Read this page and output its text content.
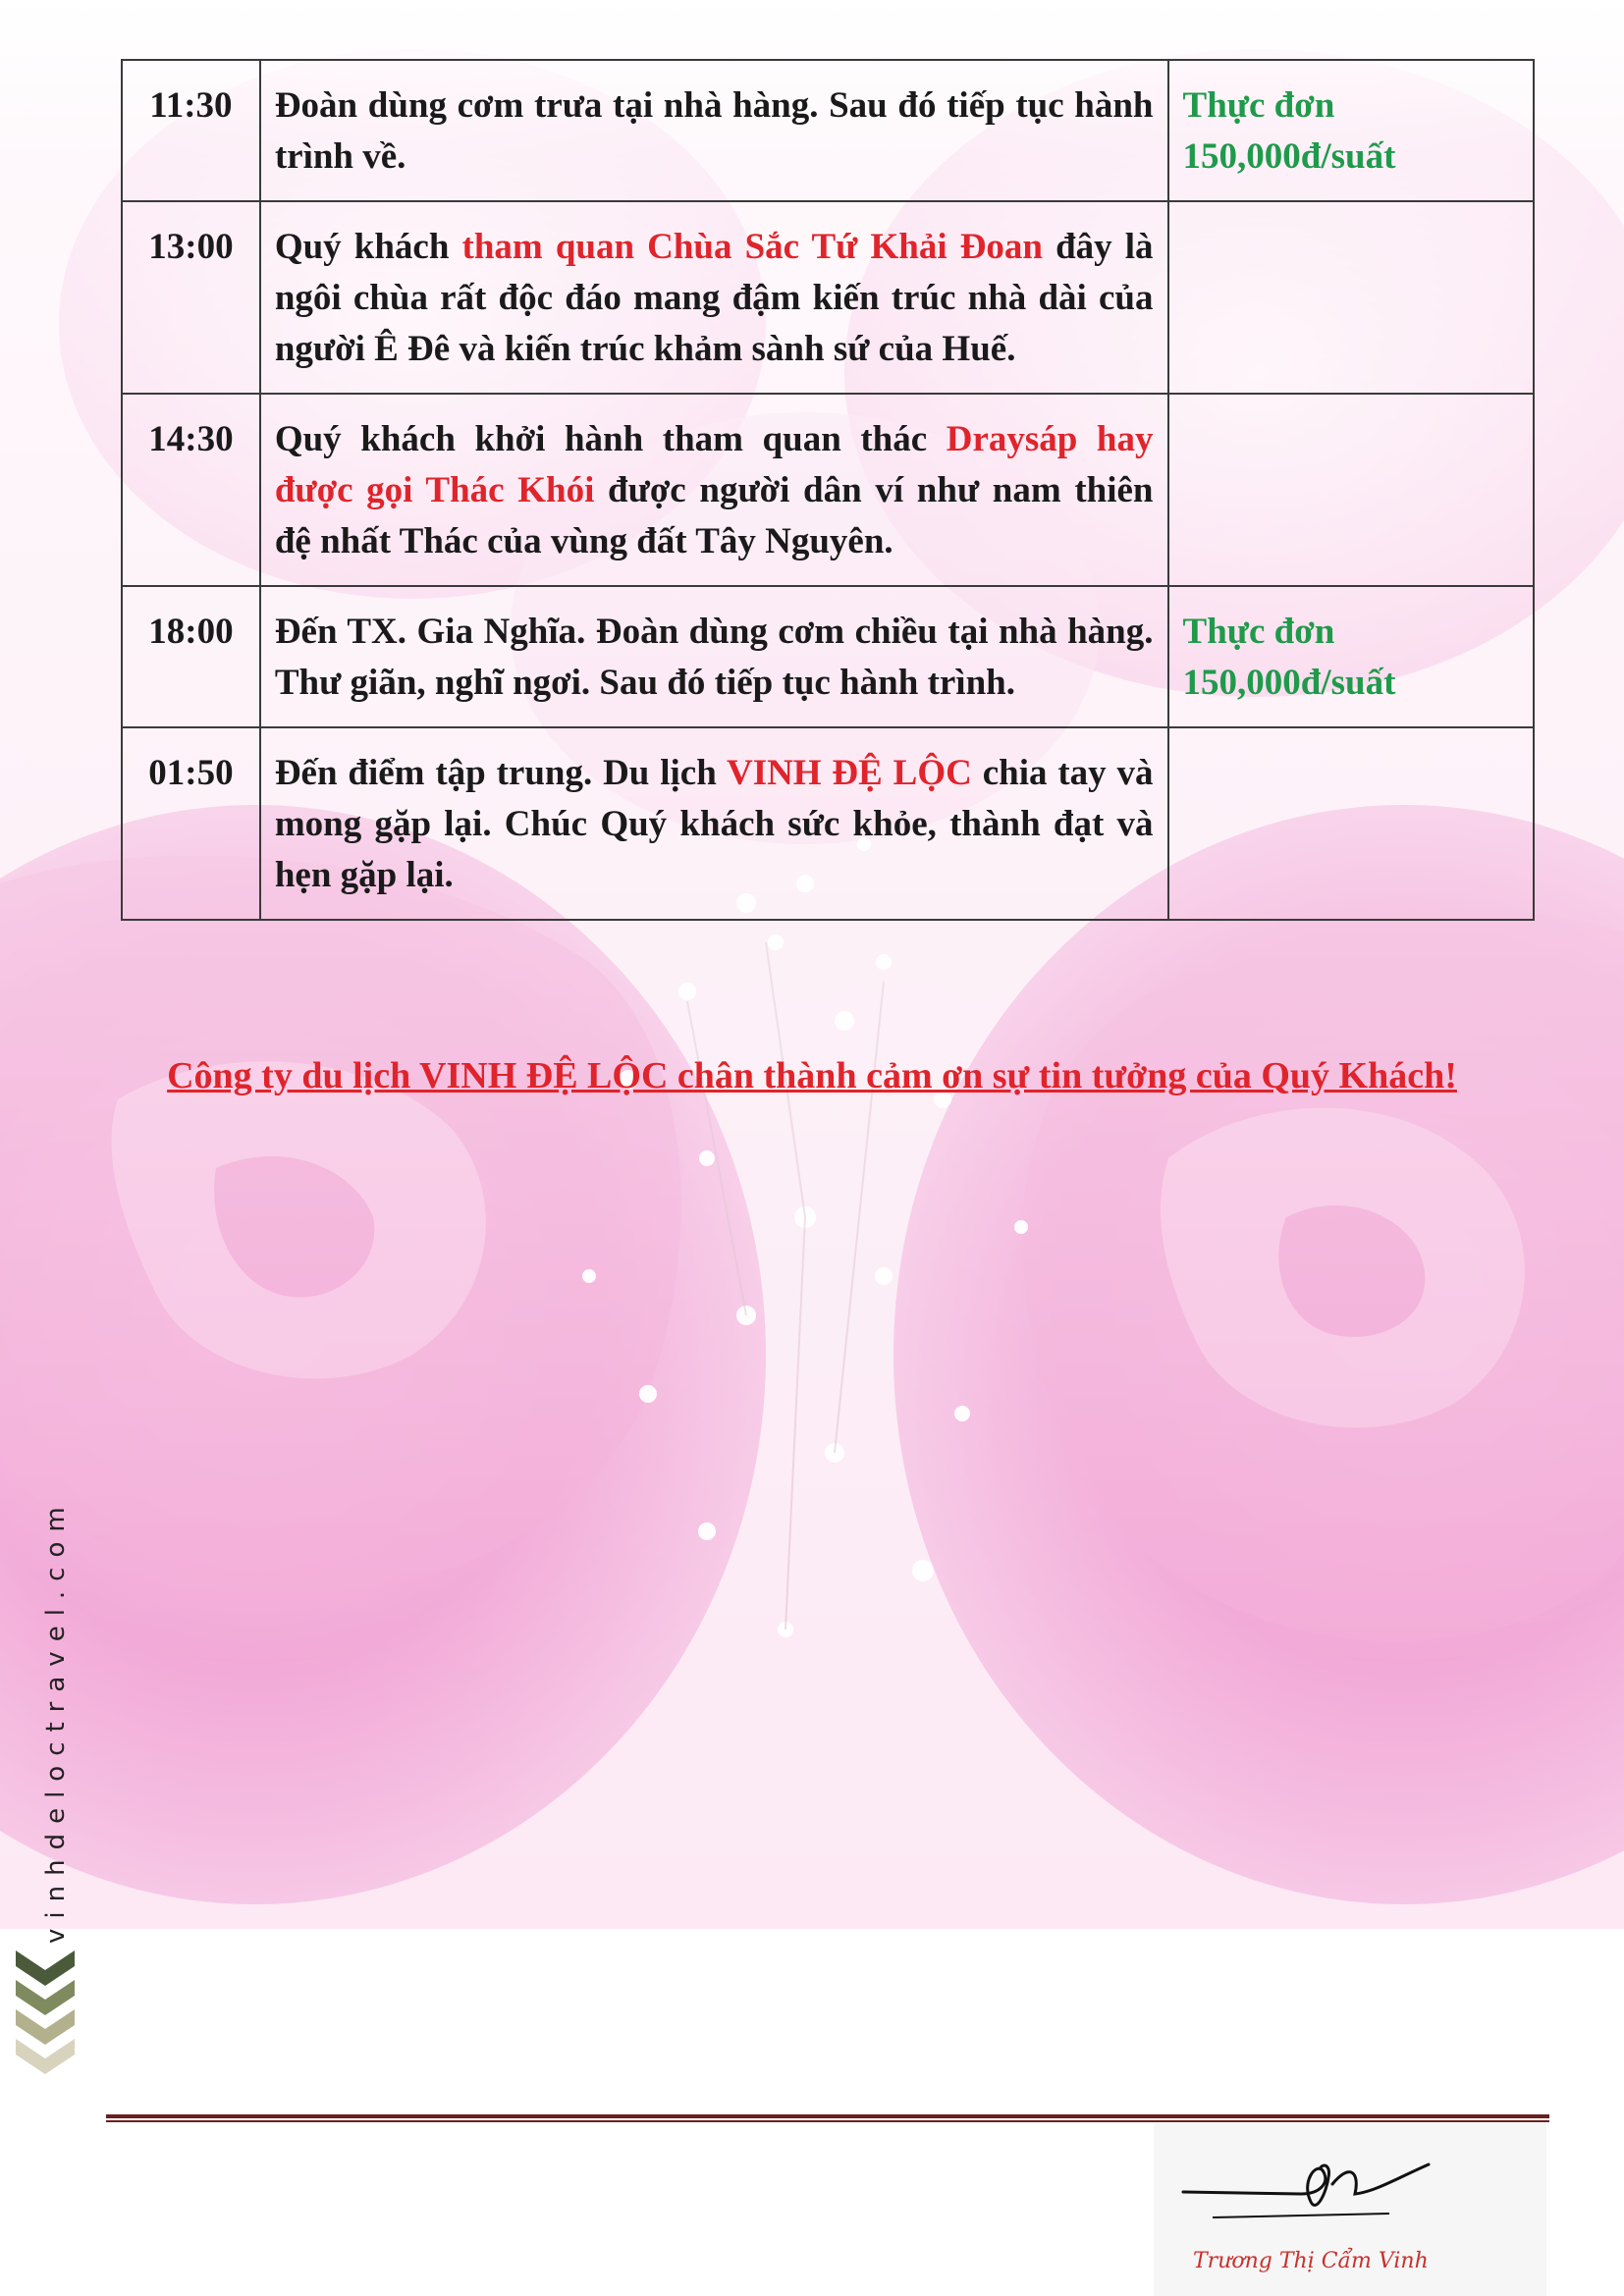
11:30	Đoàn dùng cơm trưa tại nhà hàng. Sau đó tiếp tục hành trình về.	Thực đơn 150,000đ/suất
13:00	Quý khách tham quan Chùa Sắc Tứ Khải Đoan đây là ngôi chùa rất độc đáo mang đậm kiến trúc nhà dài của người Ê Đê và kiến trúc khảm sành sứ của Huế.	
14:30	Quý khách khởi hành tham quan thác Draysáp hay được gọi Thác Khói được người dân ví như nam thiên đệ nhất Thác của vùng đất Tây Nguyên.	
18:00	Đến TX. Gia Nghĩa. Đoàn dùng cơm chiều tại nhà hàng. Thư giãn, nghĩ ngơi. Sau đó tiếp tục hành trình.	Thực đơn 150,000đ/suất
01:50	Đến điểm tập trung. Du lịch VINH ĐỆ LỘC chia tay và mong gặp lại. Chúc Quý khách sức khỏe, thành đạt và hẹn gặp lại.	
Công ty du lịch VINH ĐỆ LỘC chân thành cảm ơn sự tin tưởng của Quý Khách!
vinhdeloctravel.com
Trương Thị Cẩm Vinh
